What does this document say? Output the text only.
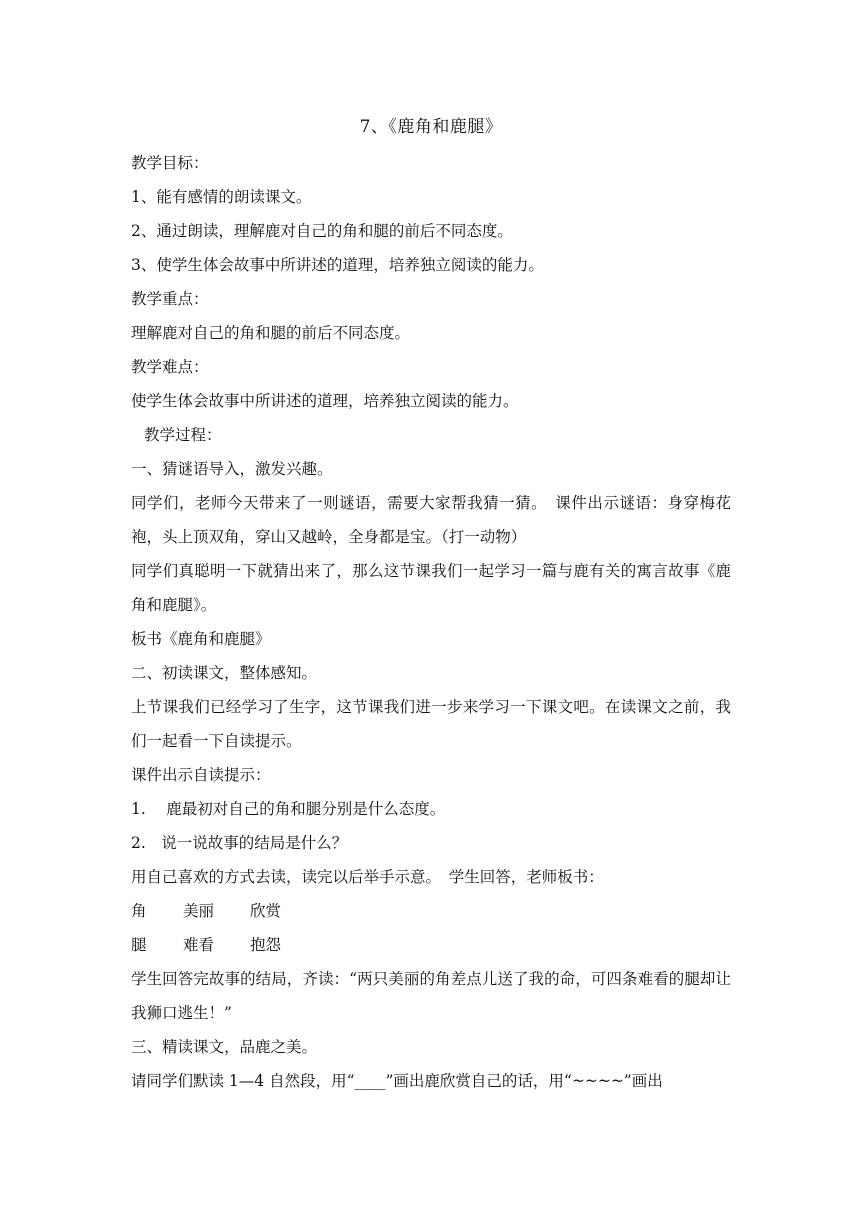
7、《鹿角和鹿腿》
教学目标：
1、能有感情的朗读课文。
2、通过朗读，理解鹿对自己的角和腿的前后不同态度。
3、使学生体会故事中所讲述的道理，培养独立阅读的能力。
教学重点：
理解鹿对自己的角和腿的前后不同态度。
教学难点：
使学生体会故事中所讲述的道理，培养独立阅读的能力。
教学过程：
一、猜谜语导入，激发兴趣。
同学们，老师今天带来了一则谜语，需要大家帮我猜一猜。　课件出示谜语：身穿梅花袍，头上顶双角，穿山又越岭，全身都是宝。（打一动物）
同学们真聪明一下就猜出来了，那么这节课我们一起学习一篇与鹿有关的寓言故事《鹿角和鹿腿》。
板书《鹿角和鹿腿》
二、初读课文，整体感知。
上节课我们已经学习了生字，这节课我们进一步来学习一下课文吧。在读课文之前，我们一起看一下自读提示。
课件出示自读提示：
1.　 鹿最初对自己的角和腿分别是什么态度。
2.　说一说故事的结局是什么？
用自己喜欢的方式去读，读完以后举手示意。　学生回答，老师板书：
角	美丽	欣赏
腿	难看	抱怨
学生回答完故事的结局，齐读：“两只美丽的角差点儿送了我的命，可四条难看的腿却让我狮口逃生！”
三、精读课文，品鹿之美。
请同学们默读 1—4 自然段，用“____”画出鹿欣赏自己的话，用“~~~~”画出
